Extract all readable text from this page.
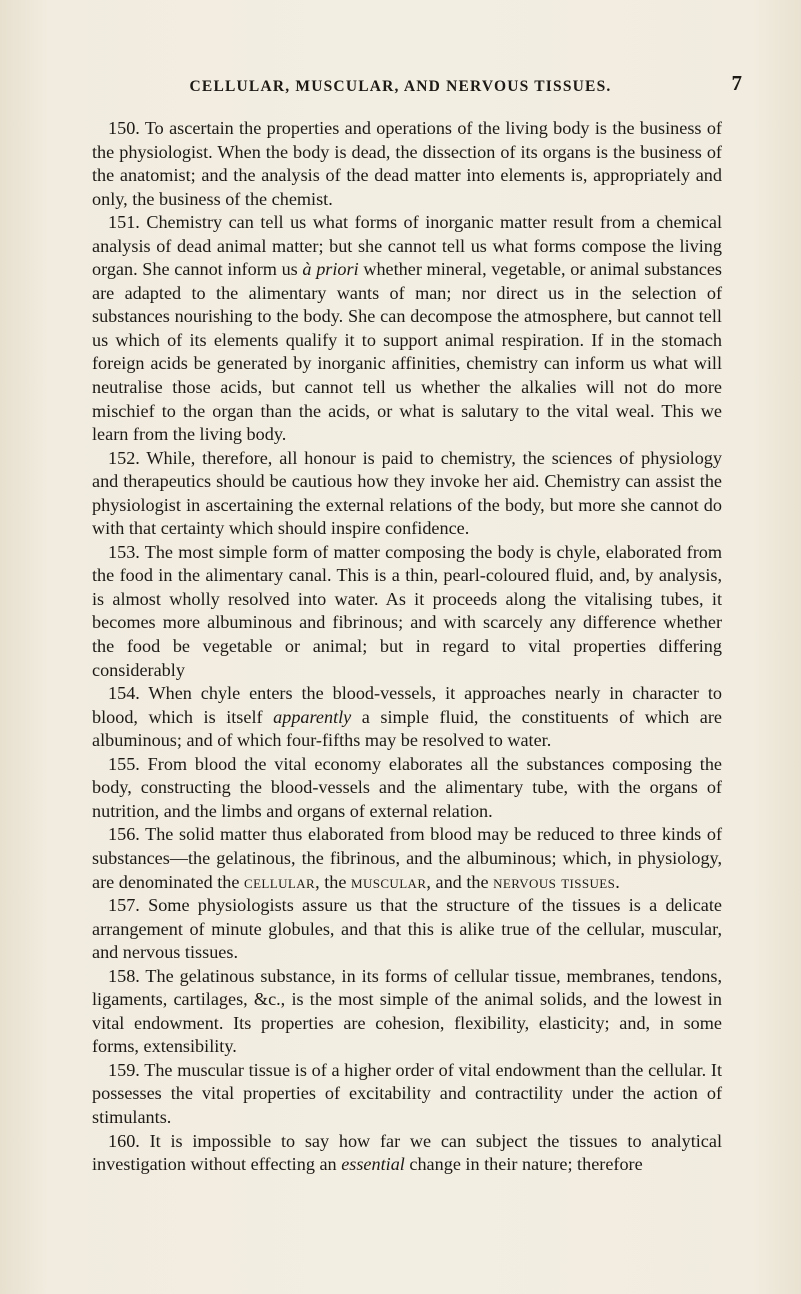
CELLULAR, MUSCULAR, AND NERVOUS TISSUES.	7

150. To ascertain the properties and operations of the living body is the business of the physiologist. When the body is dead, the dissection of its organs is the business of the anatomist; and the analysis of the dead matter into elements is, appropriately and only, the business of the chemist.

151. Chemistry can tell us what forms of inorganic matter result from a chemical analysis of dead animal matter; but she cannot tell us what forms compose the living organ. She cannot inform us à priori whether mineral, vegetable, or animal substances are adapted to the alimentary wants of man; nor direct us in the selection of substances nourishing to the body. She can decompose the atmosphere, but cannot tell us which of its elements qualify it to support animal respiration. If in the stomach foreign acids be generated by inorganic affinities, chemistry can inform us what will neutralise those acids, but cannot tell us whether the alkalies will not do more mischief to the organ than the acids, or what is salutary to the vital weal. This we learn from the living body.

152. While, therefore, all honour is paid to chemistry, the sciences of physiology and therapeutics should be cautious how they invoke her aid. Chemistry can assist the physiologist in ascertaining the external relations of the body, but more she cannot do with that certainty which should inspire confidence.

153. The most simple form of matter composing the body is chyle, elaborated from the food in the alimentary canal. This is a thin, pearl-coloured fluid, and, by analysis, is almost wholly resolved into water. As it proceeds along the vitalising tubes, it becomes more albuminous and fibrinous; and with scarcely any difference whether the food be vegetable or animal; but in regard to vital properties differing considerably

154. When chyle enters the blood-vessels, it approaches nearly in character to blood, which is itself apparently a simple fluid, the constituents of which are albuminous; and of which four-fifths may be resolved to water.

155. From blood the vital economy elaborates all the substances composing the body, constructing the blood-vessels and the alimentary tube, with the organs of nutrition, and the limbs and organs of external relation.

156. The solid matter thus elaborated from blood may be reduced to three kinds of substances—the gelatinous, the fibrinous, and the albuminous; which, in physiology, are denominated the cellular, the muscular, and the nervous tissues.

157. Some physiologists assure us that the structure of the tissues is a delicate arrangement of minute globules, and that this is alike true of the cellular, muscular, and nervous tissues.

158. The gelatinous substance, in its forms of cellular tissue, membranes, tendons, ligaments, cartilages, &c., is the most simple of the animal solids, and the lowest in vital endowment. Its properties are cohesion, flexibility, elasticity; and, in some forms, extensibility.

159. The muscular tissue is of a higher order of vital endowment than the cellular. It possesses the vital properties of excitability and contractility under the action of stimulants.

160. It is impossible to say how far we can subject the tissues to analytical investigation without effecting an essential change in their nature; therefore
